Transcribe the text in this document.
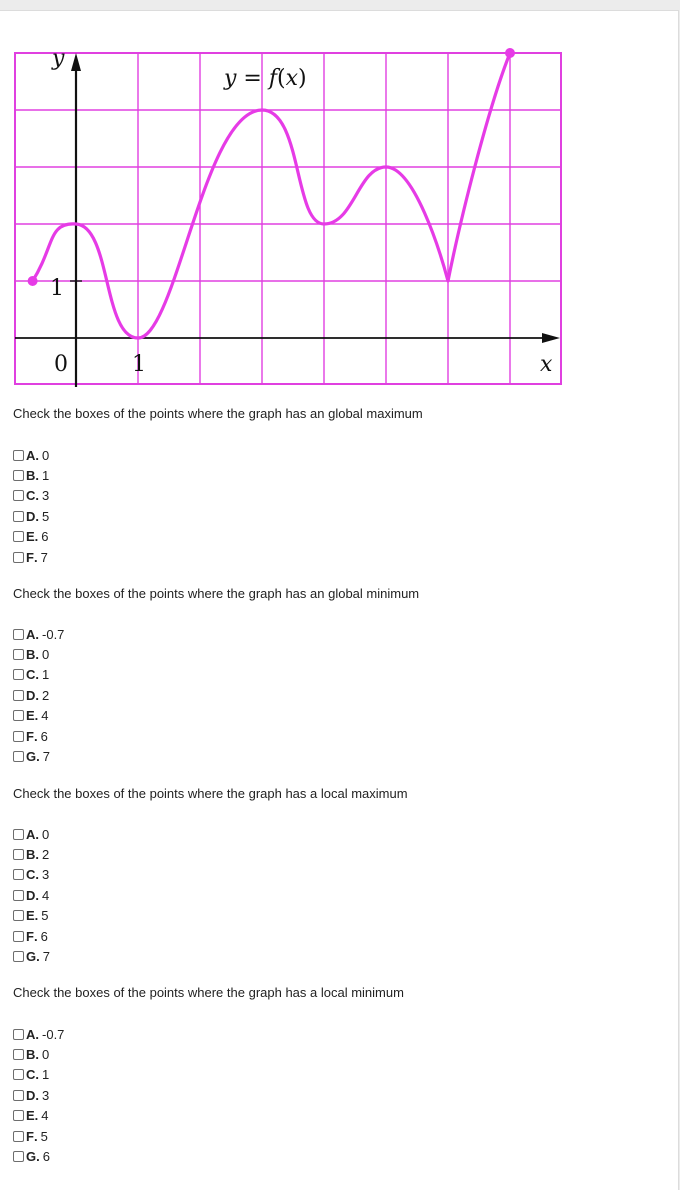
y
x
y = f(x)
0	1
1
Check the boxes of the points where the graph has an global maximum
A . 0
B . 1
C . 3
D . 5
E . 6
F . 7
Check the boxes of the points where the graph has an global minimum
A . -0.7
B . 0
C . 1
D . 2
E . 4
F . 6
G . 7
Check the boxes of the points where the graph has a local maximum
A . 0
B . 2
C . 3
D . 4
E . 5
F . 6
G . 7
Check the boxes of the points where the graph has a local minimum
A . -0.7
B . 0
C . 1
D . 3
E . 4
F . 5
G . 6
